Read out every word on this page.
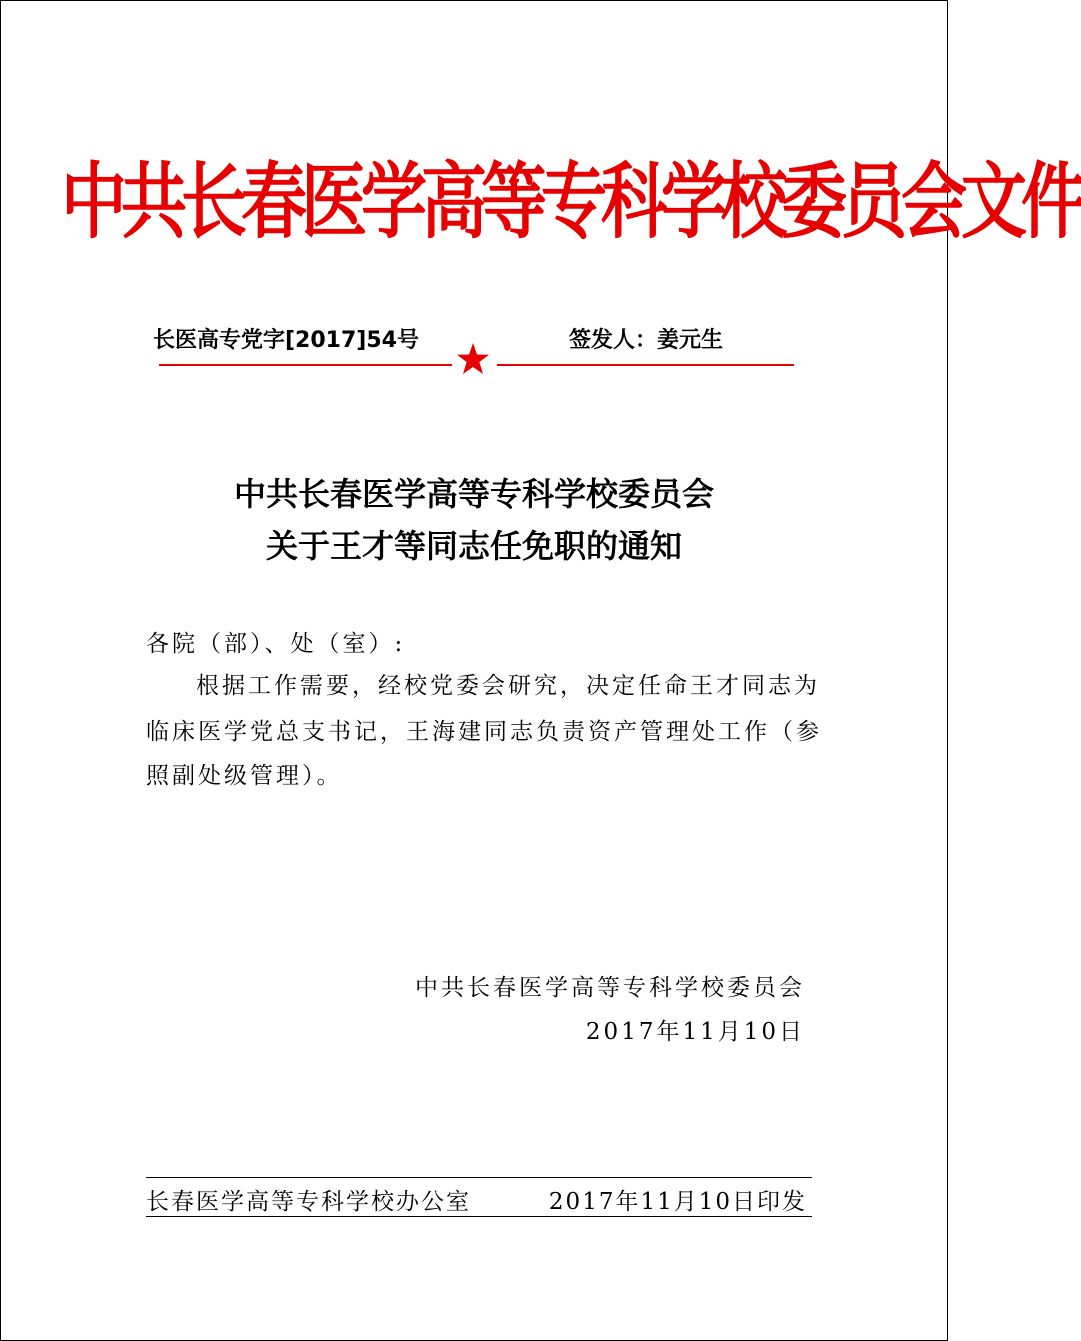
中共长春医学高等专科学校委员会文件
长医高专党字[2017]54号	签发人：姜元生
中共长春医学高等专科学校委员会
关于王才等同志任免职的通知
各院（部）、处（室）:
根据工作需要，经校党委会研究，决定任命王才同志为
临床医学党总支书记，王海建同志负责资产管理处工作（参
照副处级管理）。
中共长春医学高等专科学校委员会
2017年11月10日
长春医学高等专科学校办公室	2017年11月10日印发
